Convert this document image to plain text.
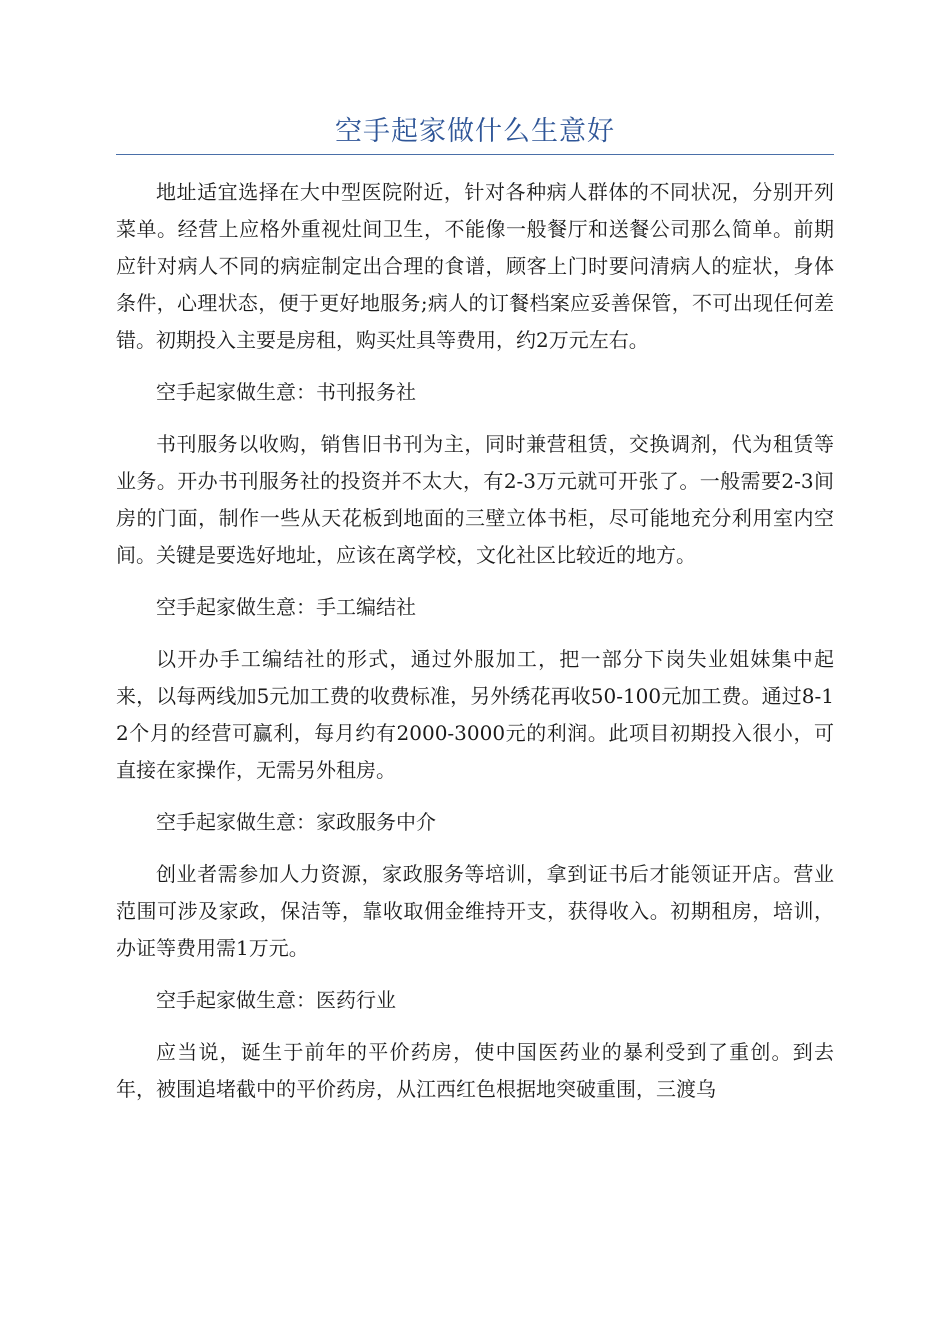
空手起家做什么生意好

地址适宜选择在大中型医院附近，针对各种病人群体的不同状况，分别开列菜单。经营上应格外重视灶间卫生，不能像一般餐厅和送餐公司那么简单。前期应针对病人不同的病症制定出合理的食谱，顾客上门时要问清病人的症状，身体条件，心理状态，便于更好地服务;病人的订餐档案应妥善保管，不可出现任何差错。初期投入主要是房租，购买灶具等费用，约2万元左右。

空手起家做生意：书刊报务社

书刊服务以收购，销售旧书刊为主，同时兼营租赁，交换调剂，代为租赁等业务。开办书刊服务社的投资并不太大，有2-3万元就可开张了。一般需要2-3间房的门面，制作一些从天花板到地面的三壁立体书柜，尽可能地充分利用室内空间。关键是要选好地址，应该在离学校，文化社区比较近的地方。

空手起家做生意：手工编结社

以开办手工编结社的形式，通过外服加工，把一部分下岗失业姐妹集中起来，以每两线加5元加工费的收费标准，另外绣花再收50-100元加工费。通过8-12个月的经营可赢利，每月约有2000-3000元的利润。此项目初期投入很小，可直接在家操作，无需另外租房。

空手起家做生意：家政服务中介

创业者需参加人力资源，家政服务等培训，拿到证书后才能领证开店。营业范围可涉及家政，保洁等，靠收取佣金维持开支，获得收入。初期租房，培训，办证等费用需1万元。

空手起家做生意：医药行业

应当说，诞生于前年的平价药房，使中国医药业的暴利受到了重创。到去年，被围追堵截中的平价药房，从江西红色根据地突破重围，三渡乌
